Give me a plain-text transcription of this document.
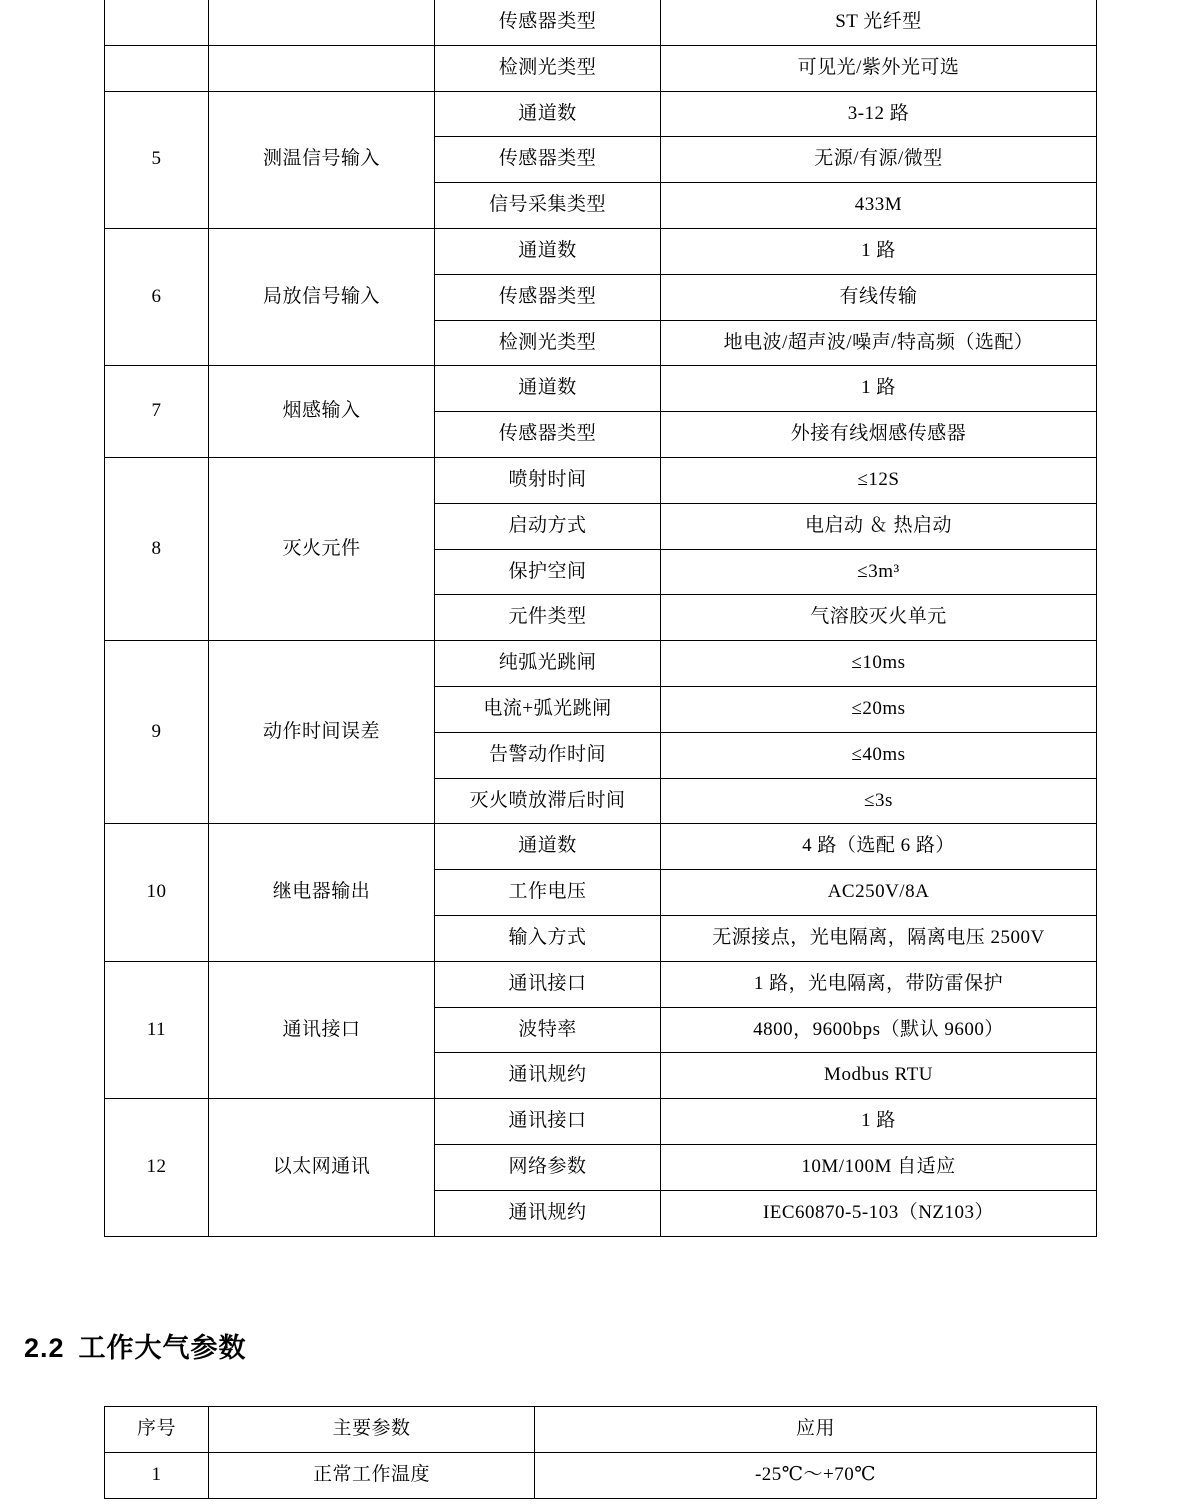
		传感器类型	ST 光纤型
		检测光类型	可见光/紫外光可选
5	测温信号输入	通道数	3-12 路
		传感器类型	无源/有源/微型
		信号采集类型	433M
6	局放信号输入	通道数	1 路
		传感器类型	有线传输
		检测光类型	地电波/超声波/噪声/特高频（选配）
7	烟感输入	通道数	1 路
		传感器类型	外接有线烟感传感器
8	灭火元件	喷射时间	≤12S
		启动方式	电启动 ＆ 热启动
		保护空间	≤3m³
		元件类型	气溶胶灭火单元
9	动作时间误差	纯弧光跳闸	≤10ms
		电流+弧光跳闸	≤20ms
		告警动作时间	≤40ms
		灭火喷放滞后时间	≤3s
10	继电器输出	通道数	4 路（选配 6 路）
		工作电压	AC250V/8A
		输入方式	无源接点，光电隔离，隔离电压 2500V
11	通讯接口	通讯接口	1 路，光电隔离，带防雷保护
		波特率	4800，9600bps（默认 9600）
		通讯规约	Modbus RTU
12	以太网通讯	通讯接口	1 路
		网络参数	10M/100M 自适应
		通讯规约	IEC60870-5-103（NZ103）
2.2 工作大气参数
序号	主要参数	应用
1	正常工作温度	-25℃～+70℃
